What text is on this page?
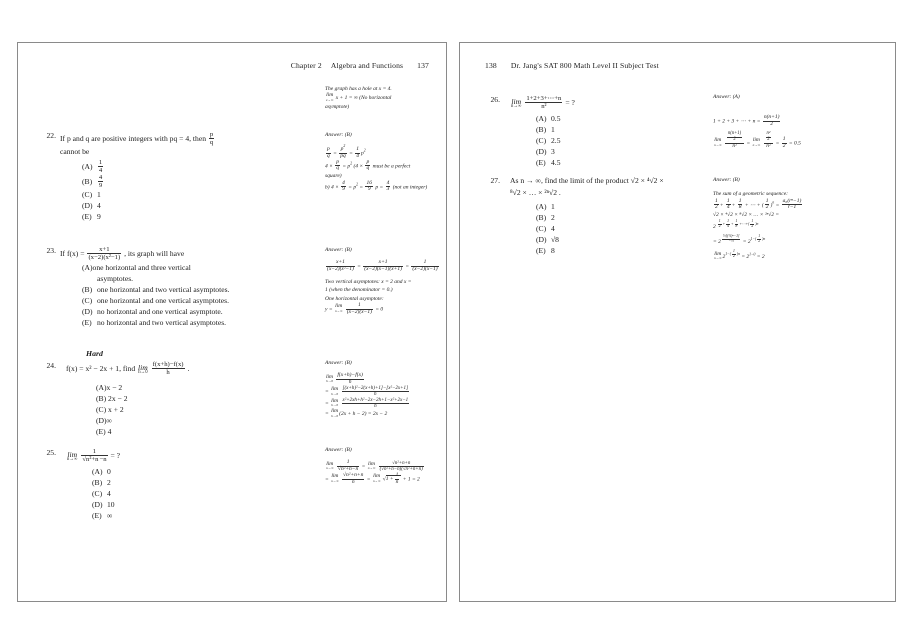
Chapter 2 Algebra and Functions 137
The graph has a hole at x = 4.
lim
x→∞ x + 1 = ∞ (No horizontal
asymptote)
22. If p and q are positive integers with pq = 4, then $\frac{p}{q}$
cannot be
$(A) \frac{1}{4}$
$(B) \frac{4}{9}$
(C) 1
(D) 4
(E) 9
Answer: (B)
$\frac{p}{q} = \frac{p^2}{pq} = \frac{1}{4} p^2$
$4 \times \frac{p}{q} = p^2$ ($4 \times \frac{p}{q}$ must be a perfect
square)
b) $4 \times \frac{4}{9} = p^2 = \frac{16}{9}$ $p = \frac{4}{3} (not$ an integer)
23. If $f(x) = \frac{x+1}{\text{(x−2)(x²−1)}}$ , its graph will have
(A)one horizontal and three vertical
asymptotes.
(B) one horizontal and two vertical asymptotes.
(C) one horizontal and one vertical asymptotes.
(D) no horizontal and one vertical asymptote.
(E) no horizontal and two vertical asymptotes.
Answer: (B)
$\frac{x+1}{\text{(x−2)(x²−1)}} = \frac{x+1}{(x-2)(x-1)(x+1)} = \frac{1}{(x-2)(x-1)}$
Two vertical asymptotes: x = 2 and x =
1 (when the denominator = 0.)
One horizontal asymptote:
y = lim
n→∞
$\frac{1}{(x-2)(x-1)} = 0$
Hard
24. f(x) = x² − 2x + 1, find lim
h→0
$\frac{f(x+h)-f(x)}{h}$ .
(A)x − 2
(B) 2x − 2
(C) x + 2
(D)∞
(E) 4
Answer: (B)
lim
h→0
$\frac{f(x+h)-f(x)}{h}$
= lim
h→0
$\frac{\text{[(x+h)²−2(x+h)+1]−[x²−2x+1]}}{h}$
= lim
h→0
$\frac{\text{x²+2xh+h²−2x−2h+1−x²+2x−1}}{h}$
= lim
h→0 (2x + h − 2) = 2x − 2
25. lim
n→∞
$\frac{1}{\text{√n²+n−n}}$ = ?
(A) 0
(B) 2
(C) 4
(D) 10
(E) ∞
Answer: (B)
lim
n→∞
$\frac{1}{\text{√n²+n−n}} = \lim$
n→∞
$\frac{\text{√n²+n+n}}{\text{(√n²+n−n)(√n²+n+n)}}$
= lim
n→∞
$\frac{\text{√n²+n+n}}{n} = \lim$
n→∞ $√1 + \frac{1}{n} + 1 = 2$
138 Dr. Jang's SAT 800 Math Level II Subject Test
26. lim
n→∞
$\frac{1+2+3+\cdots+n}{\text{n²}}$ = ?
(A) 0.5
(B) 1
(C) 2.5
(D) 3
(E) 4.5
Answer: (A)
1 + 2 + 3 + ⋯ + $n = \frac{n(n+1)}{2}$
lim
n→∞
$\frac{\frac{n(n+1)}{2}}{\text{n²}} = \lim$
n→∞
$\frac{\frac{\text{n²}}{2}}{\text{n²}} = \frac{1}{2} = 0.5$
27. As n → ∞, find the limit of the product √2 × ⁴√2 ×
⁸√2 × … × ²ⁿ√2 .
(A) 1
(B) 2
(C) 4
(D) √8
(E) 8
Answer: (B)
The sum of a geometric sequence:
$\frac{1}{2} + \frac{1}{4} + \frac{1}{8}$ + ⋯ + ( $\frac{1}{2} )^n = \frac{\text{a₀(rⁿ−1)}}{r-1}$
√2 × ⁴√2 × ⁸√2 × … × ²ⁿ√2 =
2 $^{\frac{1}{2} + \frac{1}{4} + \frac{1}{8} +\cdots+( \frac{1}{2} )n}$
= 2 $^{\frac{\text{½[(½)ⁿ−1]}}{\text{−½}}} = 2^{1-( \frac{1}{2} )n}$
lim
n→∞ $2^{1-( \frac{1}{2} )n} = 2^{1-0} = 2$
